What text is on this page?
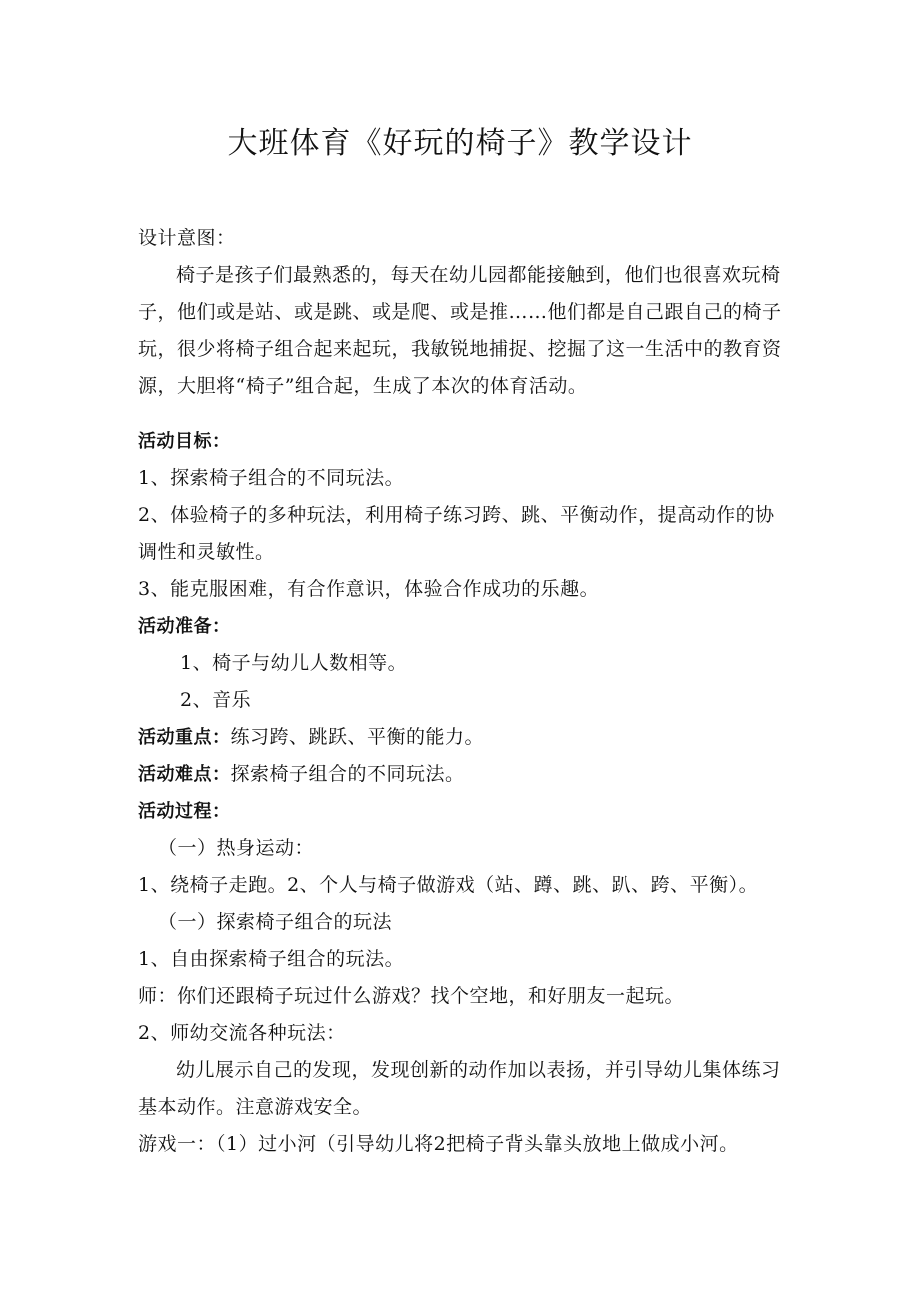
大班体育《好玩的椅子》教学设计

设计意图：

椅子是孩子们最熟悉的，每天在幼儿园都能接触到，他们也很喜欢玩椅子，他们或是站、或是跳、或是爬、或是推……他们都是自己跟自己的椅子玩，很少将椅子组合起来起玩，我敏锐地捕捉、挖掘了这一生活中的教育资源，大胆将“椅子”组合起，生成了本次的体育活动。

活动目标：

1、探索椅子组合的不同玩法。

2、体验椅子的多种玩法，利用椅子练习跨、跳、平衡动作，提高动作的协调性和灵敏性。

3、能克服困难，有合作意识，体验合作成功的乐趣。

活动准备：

1、椅子与幼儿人数相等。

2、音乐

活动重点：练习跨、跳跃、平衡的能力。

活动难点：探索椅子组合的不同玩法。

活动过程：

（一）热身运动：

1、绕椅子走跑。2、个人与椅子做游戏（站、蹲、跳、趴、跨、平衡）。

（一）探索椅子组合的玩法

1、自由探索椅子组合的玩法。

师：你们还跟椅子玩过什么游戏？找个空地，和好朋友一起玩。

2、师幼交流各种玩法：

幼儿展示自己的发现，发现创新的动作加以表扬，并引导幼儿集体练习基本动作。注意游戏安全。

游戏一：（1）过小河（引导幼儿将2把椅子背头靠头放地上做成小河。
